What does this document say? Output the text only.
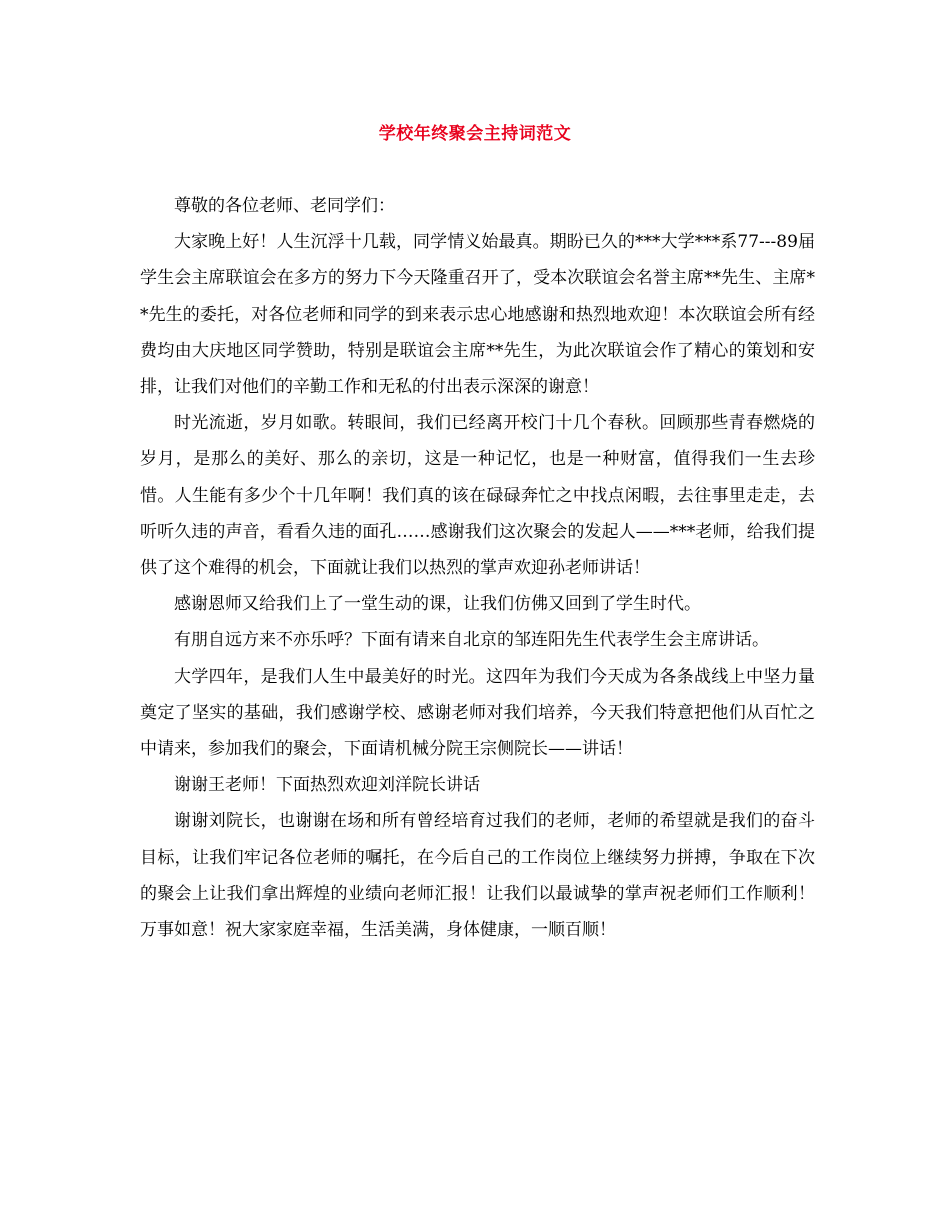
学校年终聚会主持词范文

尊敬的各位老师、老同学们：

大家晚上好！人生沉浮十几载，同学情义始最真。期盼已久的***大学***系77---89届学生会主席联谊会在多方的努力下今天隆重召开了，受本次联谊会名誉主席**先生、主席**先生的委托，对各位老师和同学的到来表示忠心地感谢和热烈地欢迎！本次联谊会所有经费均由大庆地区同学赞助，特别是联谊会主席**先生，为此次联谊会作了精心的策划和安排，让我们对他们的辛勤工作和无私的付出表示深深的谢意！

时光流逝，岁月如歌。转眼间，我们已经离开校门十几个春秋。回顾那些青春燃烧的岁月，是那么的美好、那么的亲切，这是一种记忆，也是一种财富，值得我们一生去珍惜。人生能有多少个十几年啊！我们真的该在碌碌奔忙之中找点闲暇，去往事里走走，去听听久违的声音，看看久违的面孔……感谢我们这次聚会的发起人——***老师，给我们提供了这个难得的机会，下面就让我们以热烈的掌声欢迎孙老师讲话！

感谢恩师又给我们上了一堂生动的课，让我们仿佛又回到了学生时代。

有朋自远方来不亦乐呼？下面有请来自北京的邹连阳先生代表学生会主席讲话。

大学四年，是我们人生中最美好的时光。这四年为我们今天成为各条战线上中坚力量奠定了坚实的基础，我们感谢学校、感谢老师对我们培养，今天我们特意把他们从百忙之中请来，参加我们的聚会，下面请机械分院王宗侧院长——讲话！

谢谢王老师！下面热烈欢迎刘洋院长讲话

谢谢刘院长，也谢谢在场和所有曾经培育过我们的老师，老师的希望就是我们的奋斗目标，让我们牢记各位老师的嘱托，在今后自己的工作岗位上继续努力拼搏，争取在下次的聚会上让我们拿出辉煌的业绩向老师汇报！让我们以最诚挚的掌声祝老师们工作顺利！万事如意！祝大家家庭幸福，生活美满，身体健康，一顺百顺！
